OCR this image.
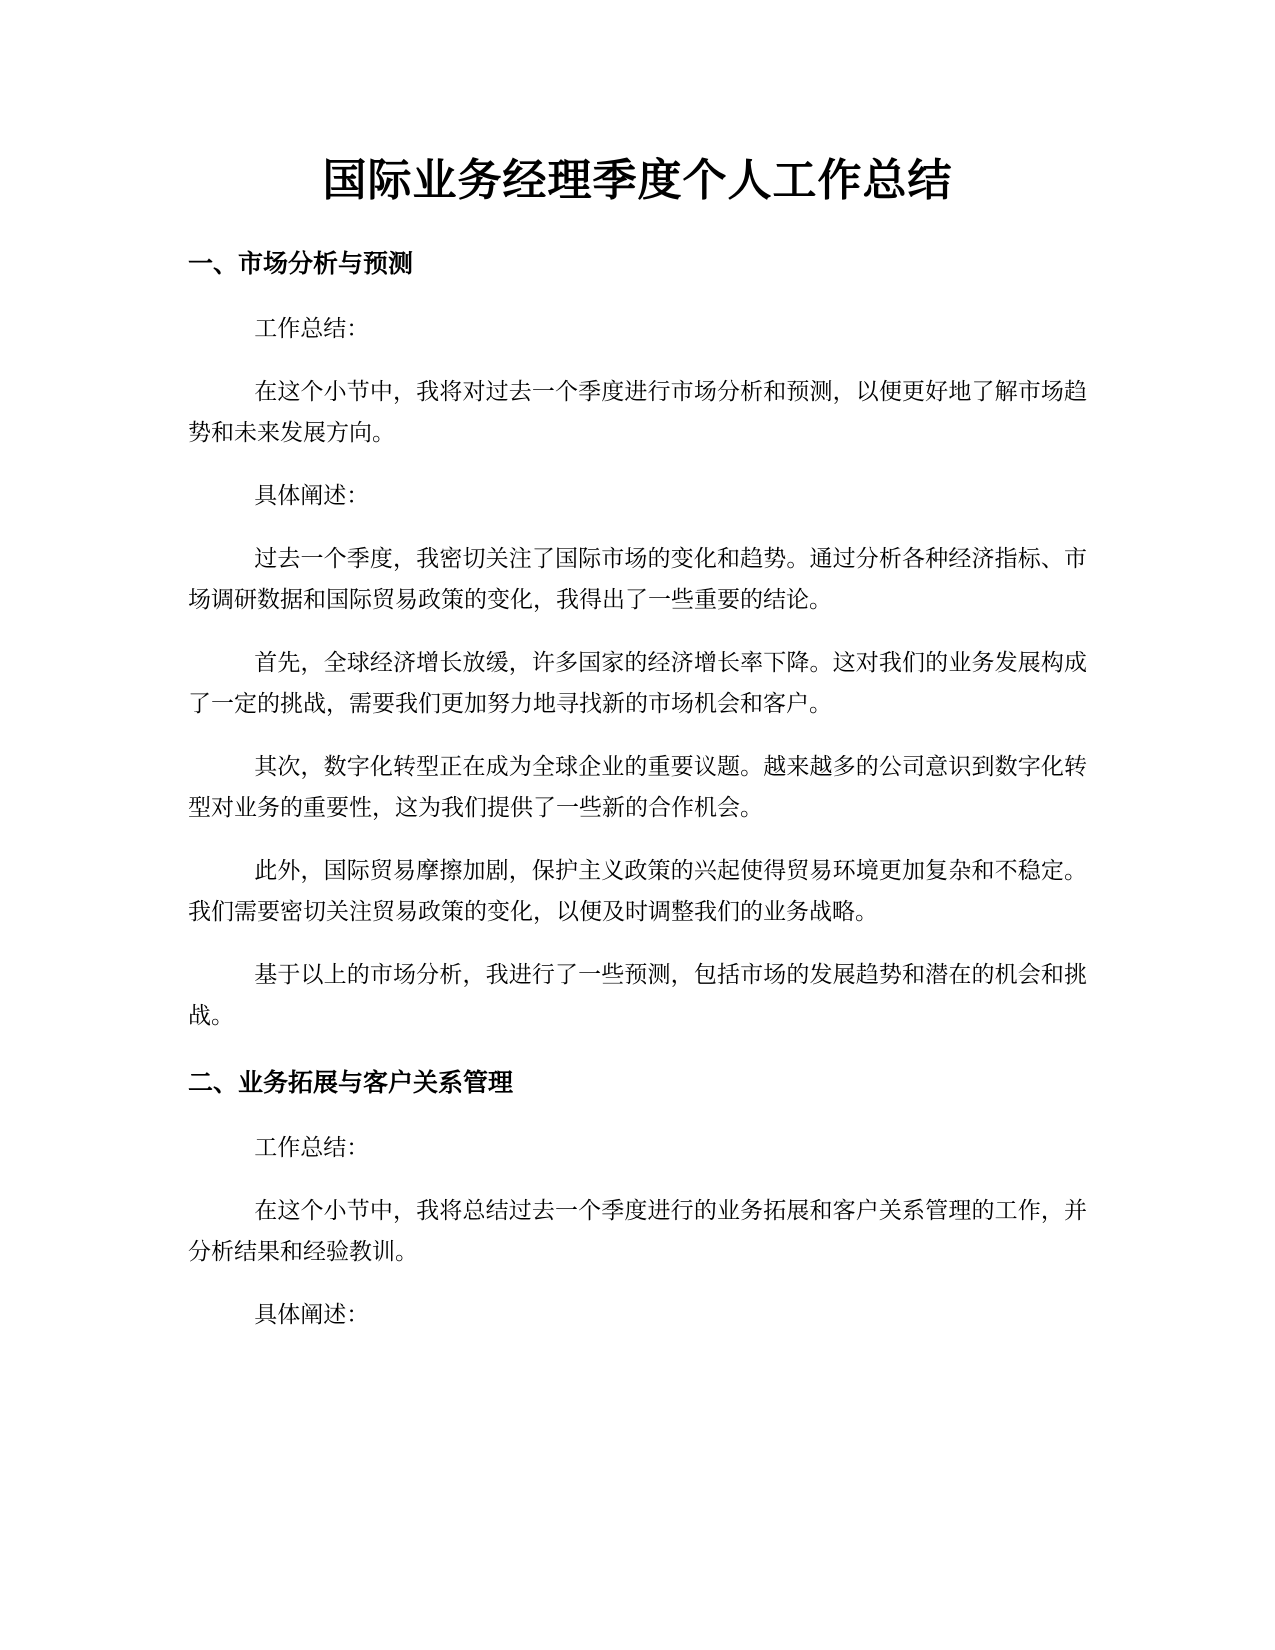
国际业务经理季度个人工作总结
一、市场分析与预测

工作总结：

在这个小节中，我将对过去一个季度进行市场分析和预测，以便更好地了解市场趋势和未来发展方向。

具体阐述：

过去一个季度，我密切关注了国际市场的变化和趋势。通过分析各种经济指标、市场调研数据和国际贸易政策的变化，我得出了一些重要的结论。

首先，全球经济增长放缓，许多国家的经济增长率下降。这对我们的业务发展构成了一定的挑战，需要我们更加努力地寻找新的市场机会和客户。

其次，数字化转型正在成为全球企业的重要议题。越来越多的公司意识到数字化转型对业务的重要性，这为我们提供了一些新的合作机会。

此外，国际贸易摩擦加剧，保护主义政策的兴起使得贸易环境更加复杂和不稳定。我们需要密切关注贸易政策的变化，以便及时调整我们的业务战略。

基于以上的市场分析，我进行了一些预测，包括市场的发展趋势和潜在的机会和挑战。

二、业务拓展与客户关系管理

工作总结：

在这个小节中，我将总结过去一个季度进行的业务拓展和客户关系管理的工作，并分析结果和经验教训。

具体阐述：
